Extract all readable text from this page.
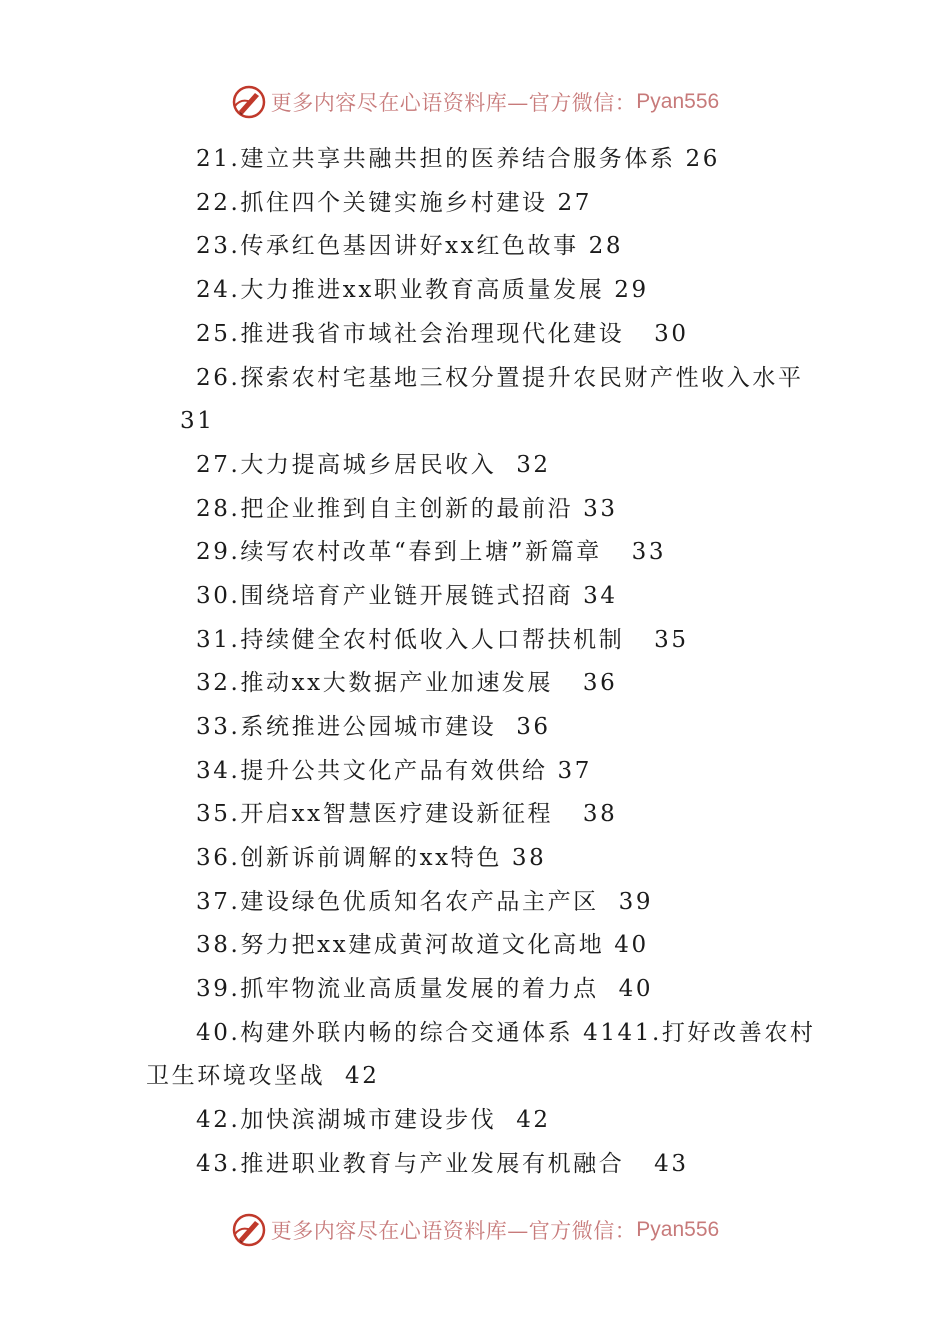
更多内容尽在心语资料库—官方微信： Pyan556
21.建立共享共融共担的医养结合服务体系 26
22.抓住四个关键实施乡村建设 27
23.传承红色基因讲好xx红色故事 28
24.大力推进xx职业教育高质量发展 29
25.推进我省市域社会治理现代化建设   30
26.探索农村宅基地三权分置提升农民财产性收入水平
31
27.大力提高城乡居民收入  32
28.把企业推到自主创新的最前沿 33
29.续写农村改革“春到上塘”新篇章   33
30.围绕培育产业链开展链式招商 34
31.持续健全农村低收入人口帮扶机制   35
32.推动xx大数据产业加速发展   36
33.系统推进公园城市建设  36
34.提升公共文化产品有效供给 37
35.开启xx智慧医疗建设新征程   38
36.创新诉前调解的xx特色 38
37.建设绿色优质知名农产品主产区  39
38.努力把xx建成黄河故道文化高地 40
39.抓牢物流业高质量发展的着力点  40
40.构建外联内畅的综合交通体系 4141.打好改善农村
卫生环境攻坚战  42
42.加快滨湖城市建设步伐  42
43.推进职业教育与产业发展有机融合   43
更多内容尽在心语资料库—官方微信： Pyan556
